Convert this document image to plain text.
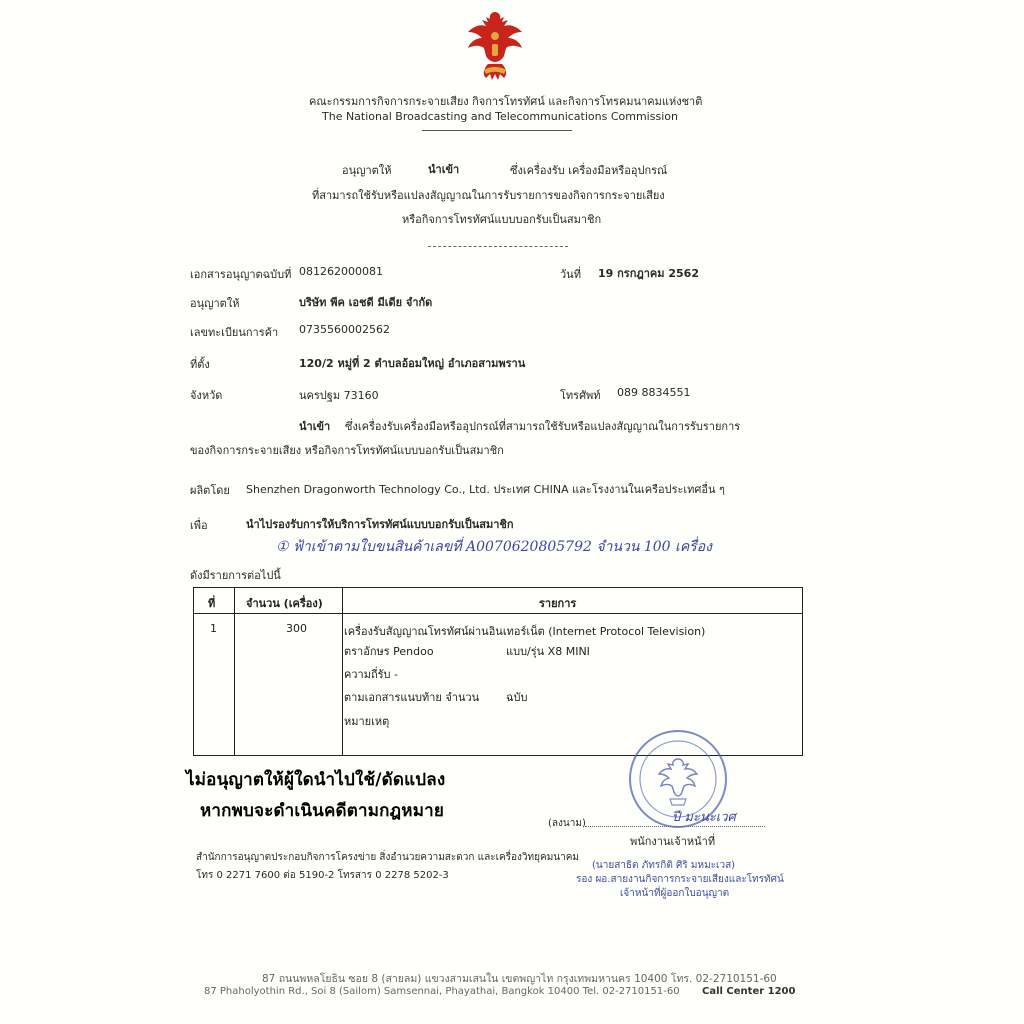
คณะกรรมการกิจการกระจายเสียง กิจการโทรทัศน์ และกิจการโทรคมนาคมแห่งชาติ
The National Broadcasting and Telecommunications Commission
อนุญาตให้	นำเข้า	ซึ่งเครื่องรับ เครื่องมือหรืออุปกรณ์
ที่สามารถใช้รับหรือแปลงสัญญาณในการรับรายการของกิจการกระจายเสียง
หรือกิจการโทรทัศน์แบบบอกรับเป็นสมาชิก
เอกสารอนุญาตฉบับที่ 081262000081	วันที่ 19 กรกฎาคม 2562
อนุญาตให้	บริษัท พีค เอชดี มีเดีย จำกัด
เลขทะเบียนการค้า 0735560002562
ที่ตั้ง	120/2 หมู่ที่ 2 ตำบลอ้อมใหญ่ อำเภอสามพราน
จังหวัด	นครปฐม 73160	โทรศัพท์ 089 8834551
นำเข้า ซึ่งเครื่องรับเครื่องมือหรืออุปกรณ์ที่สามารถใช้รับหรือแปลงสัญญาณในการรับรายการ
ของกิจการกระจายเสียง หรือกิจการโทรทัศน์แบบบอกรับเป็นสมาชิก
ผลิตโดย Shenzhen Dragonworth Technology Co., Ltd. ประเทศ CHINA และโรงงานในเครือประเทศอื่น ๆ
เพื่อ	นำไปรองรับการให้บริการโทรทัศน์แบบบอกรับเป็นสมาชิก
① ฟ้าเข้าตามใบขนสินค้าเลขที่ A0070620805792 จำนวน 100 เครื่อง
ดังมีรายการต่อไปนี้
ที่	จำนวน (เครื่อง)	รายการ
1	300	เครื่องรับสัญญาณโทรทัศน์ผ่านอินเทอร์เน็ต (Internet Protocol Television)
ตราอักษร Pendoo	แบบ/รุ่น X8 MINI
ความถี่รับ -
ตามเอกสารแนบท้าย จำนวน ฉบับ
หมายเหตุ
ไม่อนุญาตให้ผู้ใดนำไปใช้/ดัดแปลง
หากพบจะดำเนินคดีตามกฎหมาย
(ลงนาม)	ปี มะนะเวศ
พนักงานเจ้าหน้าที่
(นายสาธิต ภัทรกิติ ศิริ มหมะเวส)
รอง ผอ.สายงานกิจการกระจายเสียงและโทรทัศน์
เจ้าหน้าที่ผู้ออกใบอนุญาต
สำนักการอนุญาตประกอบกิจการโครงข่าย สิ่งอำนวยความสะดวก และเครื่องวิทยุคมนาคม
โทร 0 2271 7600 ต่อ 5190-2 โทรสาร 0 2278 5202-3
87 ถนนพหลโยธิน ซอย 8 (สายลม) แขวงสามเสนใน เขตพญาไท กรุงเทพมหานคร 10400 โทร. 02-2710151-60
87 Phaholyothin Rd., Soi 8 (Sailom) Samsennai, Phayathai, Bangkok 10400 Tel. 02-2710151-60 Call Center 1200
